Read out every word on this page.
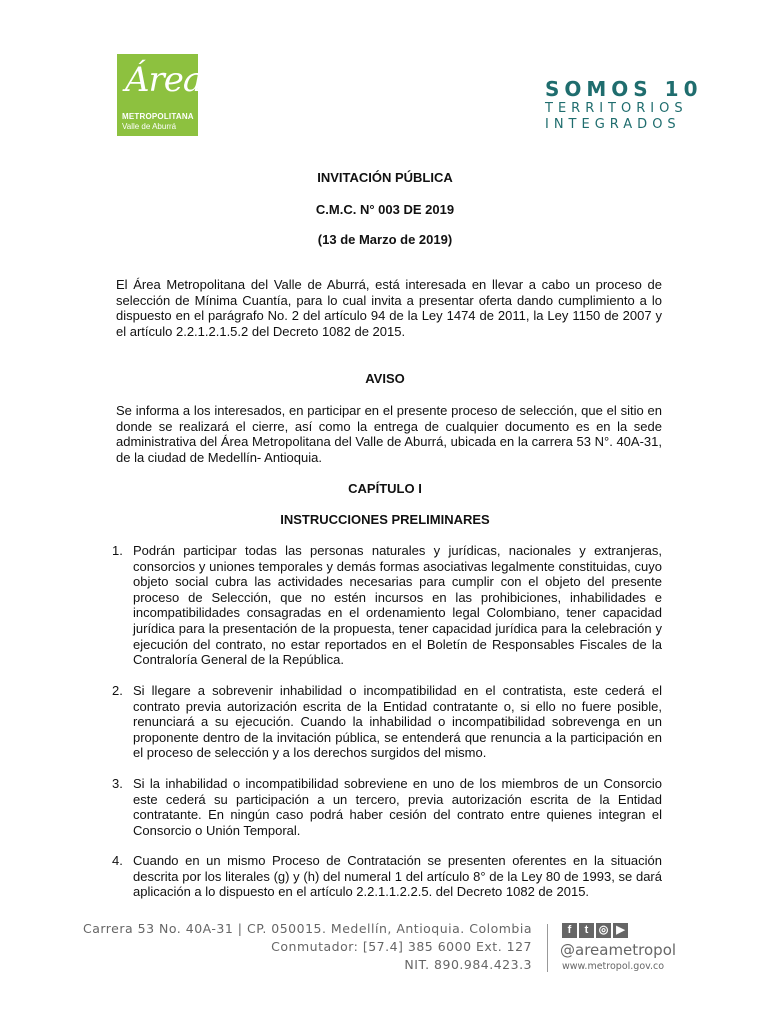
Área
METROPOLITANA
Valle de Aburrá
SOMOS 10
TERRITORIOS
INTEGRADOS
INVITACIÓN PÚBLICA
C.M.C. N° 003 DE 2019
(13 de Marzo de 2019)

El Área Metropolitana del Valle de Aburrá, está interesada en llevar a cabo un proceso de selección de Mínima Cuantía, para lo cual invita a presentar oferta dando cumplimiento a lo dispuesto en el parágrafo No. 2 del artículo 94 de la Ley 1474 de 2011, la Ley 1150 de 2007 y el artículo 2.2.1.2.1.5.2 del Decreto 1082 de 2015.

AVISO

Se informa a los interesados, en participar en el presente proceso de selección, que el sitio en donde se realizará el cierre, así como la entrega de cualquier documento es en la sede administrativa del Área Metropolitana del Valle de Aburrá, ubicada en la carrera 53 N°. 40A-31, de la ciudad de Medellín- Antioquia.

CAPÍTULO I
INSTRUCCIONES PRELIMINARES
1. Podrán participar todas las personas naturales y jurídicas, nacionales y extranjeras, consorcios y uniones temporales y demás formas asociativas legalmente constituidas, cuyo objeto social cubra las actividades necesarias para cumplir con el objeto del presente proceso de Selección, que no estén incursos en las prohibiciones, inhabilidades e incompatibilidades consagradas en el ordenamiento legal Colombiano, tener capacidad jurídica para la presentación de la propuesta, tener capacidad jurídica para la celebración y ejecución del contrato, no estar reportados en el Boletín de Responsables Fiscales de la Contraloría General de la República.
2. Si llegare a sobrevenir inhabilidad o incompatibilidad en el contratista, este cederá el contrato previa autorización escrita de la Entidad contratante o, si ello no fuere posible, renunciará a su ejecución. Cuando la inhabilidad o incompatibilidad sobrevenga en un proponente dentro de la invitación pública, se entenderá que renuncia a la participación en el proceso de selección y a los derechos surgidos del mismo.
3. Si la inhabilidad o incompatibilidad sobreviene en uno de los miembros de un Consorcio este cederá su participación a un tercero, previa autorización escrita de la Entidad contratante. En ningún caso podrá haber cesión del contrato entre quienes integran el Consorcio o Unión Temporal.
4. Cuando en un mismo Proceso de Contratación se presenten oferentes en la situación descrita por los literales (g) y (h) del numeral 1 del artículo 8° de la Ley 80 de 1993, se dará aplicación a lo dispuesto en el artículo 2.2.1.1.2.2.5. del Decreto 1082 de 2015.
Carrera 53 No. 40A-31 | CP. 050015. Medellín, Antioquia. Colombia
Conmutador: [57.4] 385 6000 Ext. 127
NIT. 890.984.423.3
f	t ◎ ▶
@areametropol
www.metropol.gov.co
